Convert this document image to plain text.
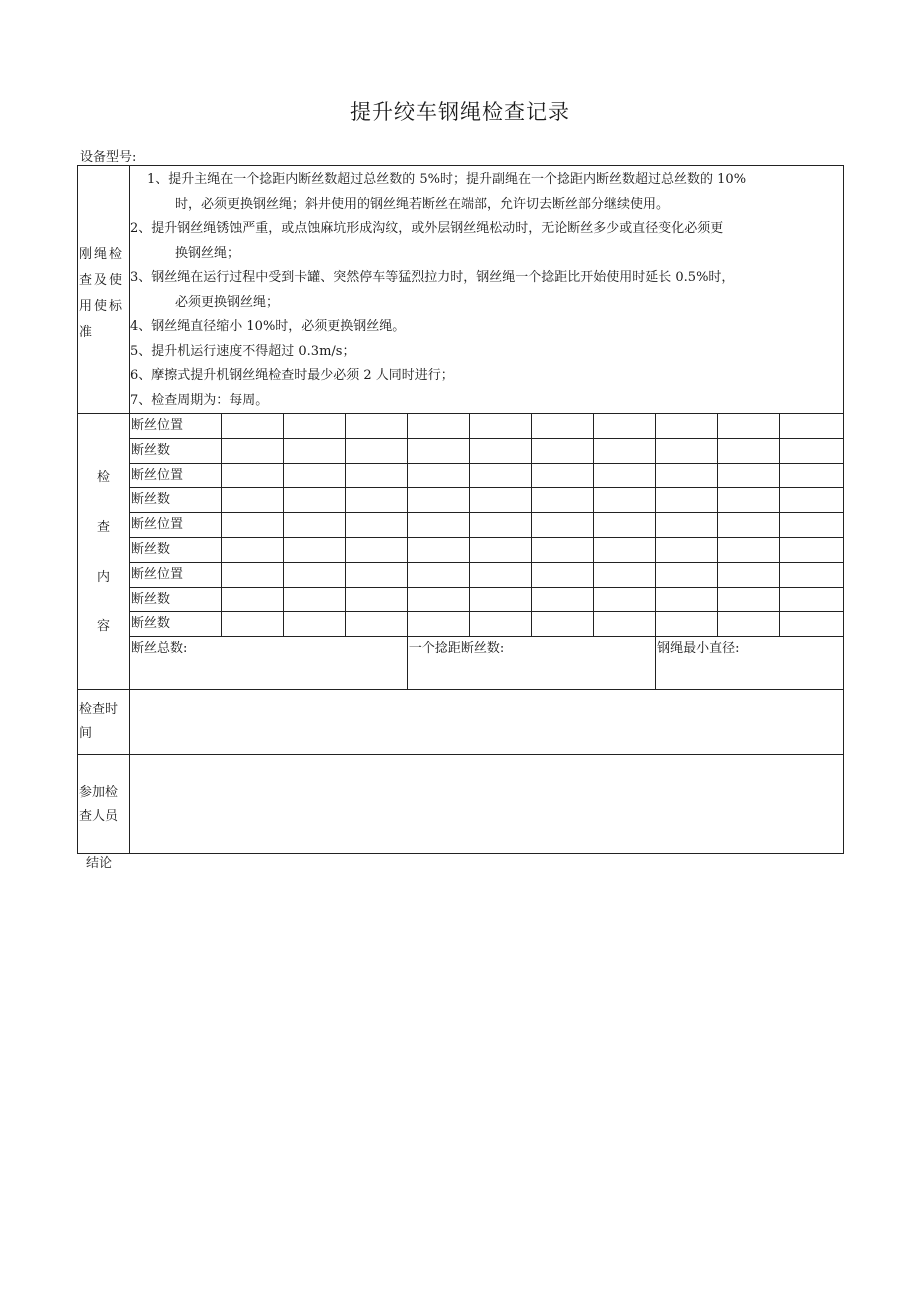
提升绞车钢绳检查记录
设备型号:
刚绳检查及使用使标准	
1、提升主绳在一个捻距内断丝数超过总丝数的 5%时；提升副绳在一个捻距内断丝数超过总丝数的 10%
时，必须更换钢丝绳；斜井使用的钢丝绳若断丝在端部，允许切去断丝部分继续使用。
2、提升钢丝绳锈蚀严重，或点蚀麻坑形成沟纹，或外层钢丝绳松动时，无论断丝多少或直径变化必须更
换钢丝绳；
3、钢丝绳在运行过程中受到卡罐、突然停车等猛烈拉力时，钢丝绳一个捻距比开始使用时延长 0.5%时，
必须更换钢丝绳；
4、钢丝绳直径缩小 10%时，必须更换钢丝绳。
5、提升机运行速度不得超过 0.3m/s；
6、摩擦式提升机钢丝绳检查时最少必须 2 人同时进行；
7、检查周期为：每周。

检
查
内
容

断丝位置										
断丝数										
断丝位置										
断丝数										
断丝位置										
断丝数										
断丝位置										
断丝数										
断丝数										
断丝总数:	一个捻距断丝数:	钢绳最小直径:

检查时
间

参加检
查人员

结论
